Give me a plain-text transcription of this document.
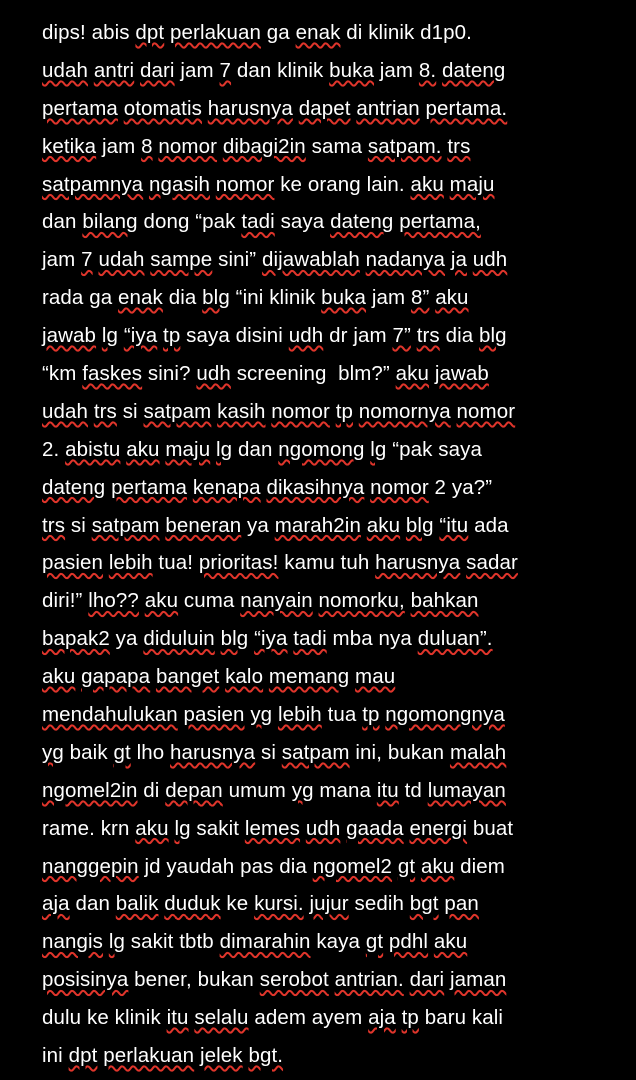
dips! abis dpt perlakuan ga enak di klinik d1p0.
udah antri dari jam 7 dan klinik buka jam 8. dateng
pertama otomatis harusnya dapet antrian pertama.
ketika jam 8 nomor dibagi2in sama satpam. trs
satpamnya ngasih nomor ke orang lain. aku maju
dan bilang dong “pak tadi saya dateng pertama,
jam 7 udah sampe sini” dijawablah nadanya ja udh
rada ga enak dia blg “ini klinik buka jam 8” aku
jawab lg “iya tp saya disini udh dr jam 7” trs dia blg
“km faskes sini? udh screening blm?” aku jawab
udah trs si satpam kasih nomor tp nomornya nomor
2. abistu aku maju lg dan ngomong lg “pak saya
dateng pertama kenapa dikasihnya nomor 2 ya?”
trs si satpam beneran ya marah2in aku blg “itu ada
pasien lebih tua! prioritas! kamu tuh harusnya sadar
diri!” lho?? aku cuma nanyain nomorku, bahkan
bapak2 ya diduluin blg “iya tadi mba nya duluan”.
aku gapapa banget kalo memang mau
mendahulukan pasien yg lebih tua tp ngomongnya
yg baik gt lho harusnya si satpam ini, bukan malah
ngomel2in di depan umum yg mana itu td lumayan
rame. krn aku lg sakit lemes udh gaada energi buat
nanggepin jd yaudah pas dia ngomel2 gt aku diem
aja dan balik duduk ke kursi. jujur sedih bgt pan
nangis lg sakit tbtb dimarahin kaya gt pdhl aku
posisinya bener, bukan serobot antrian. dari jaman
dulu ke klinik itu selalu adem ayem aja tp baru kali
ini dpt perlakuan jelek bgt.
